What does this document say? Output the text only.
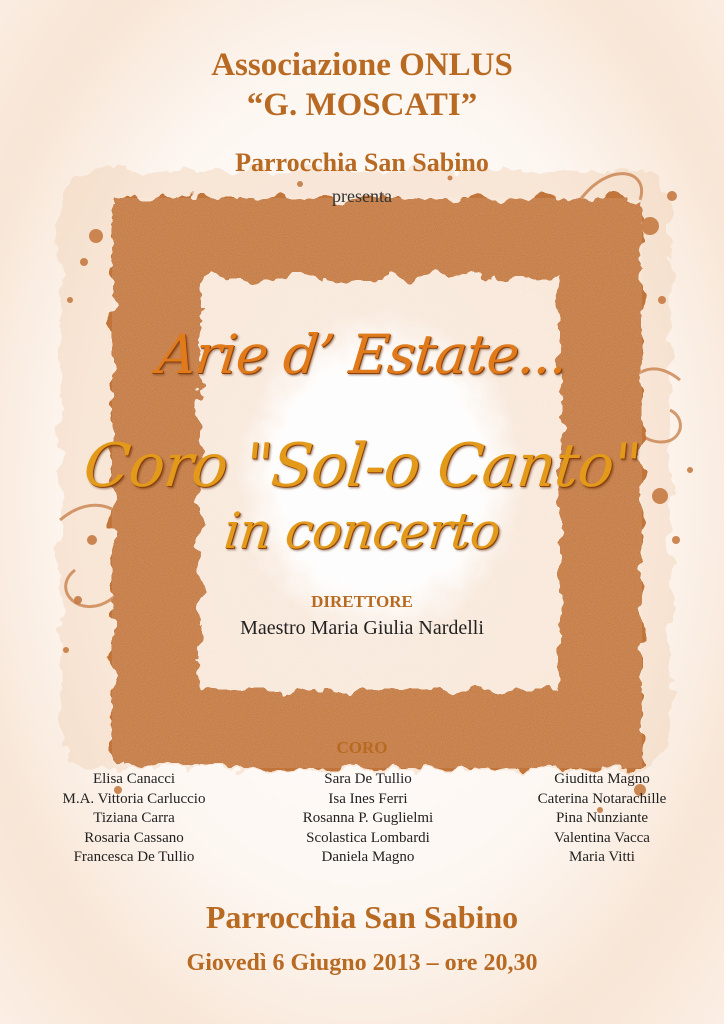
Associazione ONLUS

“G. MOSCATI”

Parrocchia San Sabino

presenta

Arie d’ Estate...

Coro "Sol-o Canto"

in concerto

DIRETTORE

Maestro Maria Giulia Nardelli

CORO

Elisa Canacci
M.A. Vittoria Carluccio
Tiziana Carra
Rosaria Cassano
Francesca De Tullio
Sara De Tullio
Isa Ines Ferri
Rosanna P. Guglielmi
Scolastica Lombardi
Daniela Magno
Giuditta Magno
Caterina Notarachille
Pina Nunziante
Valentina Vacca
Maria Vitti

Parrocchia San Sabino

Giovedì 6 Giugno 2013 – ore 20,30
